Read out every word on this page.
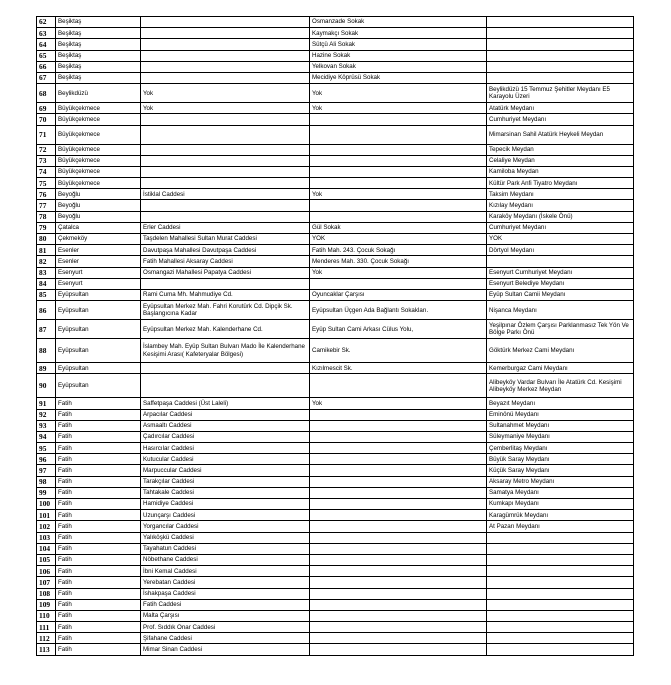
62	Beşiktaş		Osmanzade Sokak	
63	Beşiktaş		Kaymakçı Sokak	
64	Beşiktaş		Sütçü Ali Sokak	
65	Beşiktaş		Hazine Sokak	
66	Beşiktaş		Yelkovan Sokak	
67	Beşiktaş		Mecidiye Köprüsü Sokak	
68	Beylikdüzü	Yok	Yok	Beylikdüzü 15 Temmuz Şehitler Meydanı E5 Karayolu Üzeri
69	Büyükçekmece	Yok	Yok	Atatürk Meydanı
70	Büyükçekmece			Cumhuriyet Meydanı
71	Büyükçekmece			Mimarsinan Sahil Atatürk Heykeli Meydan
72	Büyükçekmece			Tepecik Meydan
73	Büyükçekmece			Celaliye Meydan
74	Büyükçekmece			Kamiloba Meydan
75	Büyükçekmece			Kültür Park Anfi Tiyatro Meydanı
76	Beyoğlu	İstiklal Caddesi	Yok	Taksim Meydanı
77	Beyoğlu			Kızılay Meydanı
78	Beyoğlu			Karaköy Meydanı (İskele Önü)
79	Çatalca	Erler Caddesi	Gül Sokak	Cumhuriyet Meydanı
80	Çekmeköy	Taşdelen Mahallesi Sultan Murat Caddesi	YOK	YOK
81	Esenler	Davutpaşa Mahallesi Davutpaşa Caddesi	Fatih Mah. 243. Çocuk Sokağı	Dörtyol Meydanı
82	Esenler	Fatih Mahallesi Aksaray Caddesi	Menderes Mah. 330. Çocuk Sokağı	
83	Esenyurt	Osmangazi Mahallesi Papatya Caddesi	Yok	Esenyurt Cumhuriyet Meydanı
84	Esenyurt			Esenyurt Belediye Meydanı
85	Eyüpsultan	Rami Cuma Mh. Mahmudiye Cd.	Oyuncaklar Çarşısı	Eyüp Sultan Camii Meydanı
86	Eyüpsultan	Eyüpsultan Merkez Mah. Fahri Korutürk Cd. Dipçik Sk. Başlangıcına Kadar	Eyüpsultan Üçgen Ada Bağlantı Sokakları.	Nişanca Meydanı
87	Eyüpsultan	Eyüpsultan Merkez Mah. Kalenderhane Cd.	Eyüp Sultan Cami Arkası Cülus Yolu,	Yeşilpınar Özlem Çarşısı Parklanmasız Tek Yön Ve Bölge Parkı Önü
88	Eyüpsultan	İslambey Mah. Eyüp Sultan Bulvarı Mado İle Kalenderhane Kesişimi Arası( Kafeteryalar Bölgesi)	Camikebir Sk.	Göktürk Merkez Cami Meydanı
89	Eyüpsultan		Kızılmescit Sk.	Kemerburgaz Cami Meydanı
90	Eyüpsultan			Alibeyköy Vardar Bulvarı İle Atatürk Cd. Kesişimi Alibeyköy Merkez Meydan
91	Fatih	Saffetpaşa Caddesi (Üst Laleli)	Yok	Beyazıt Meydanı
92	Fatih	Arpacılar Caddesi		Eminönü Meydanı
93	Fatih	Asmaaltı Caddesi		Sultanahmet Meydanı
94	Fatih	Çadırcılar Caddesi		Süleymaniye Meydanı
95	Fatih	Hasırcılar Caddesi		Çemberlitaş Meydanı
96	Fatih	Kutucular Caddesi		Büyük Saray Meydanı
97	Fatih	Marpuccular Caddesi		Küçük Saray Meydanı
98	Fatih	Tarakçılar Caddesi		Aksaray Metro Meydanı
99	Fatih	Tahtakale Caddesi		Samatya Meydanı
100	Fatih	Hamidiye Caddesi		Kumkapı Meydanı
101	Fatih	Uzunçarşı Caddesi		Karagümrük Meydanı
102	Fatih	Yorgancılar Caddesi		At Pazarı Meydanı
103	Fatih	Yalıköşkü Caddesi		
104	Fatih	Tayahatun Caddesi		
105	Fatih	Nöbethane Caddesi		
106	Fatih	İbni Kemal Caddesi		
107	Fatih	Yerebatan Caddesi		
108	Fatih	İshakpaşa Caddesi		
109	Fatih	Fatih Caddesi		
110	Fatih	Malta Çarşısı		
111	Fatih	Prof. Sıddık Onar Caddesi		
112	Fatih	Şifahane Caddesi		
113	Fatih	Mimar Sinan Caddesi		
